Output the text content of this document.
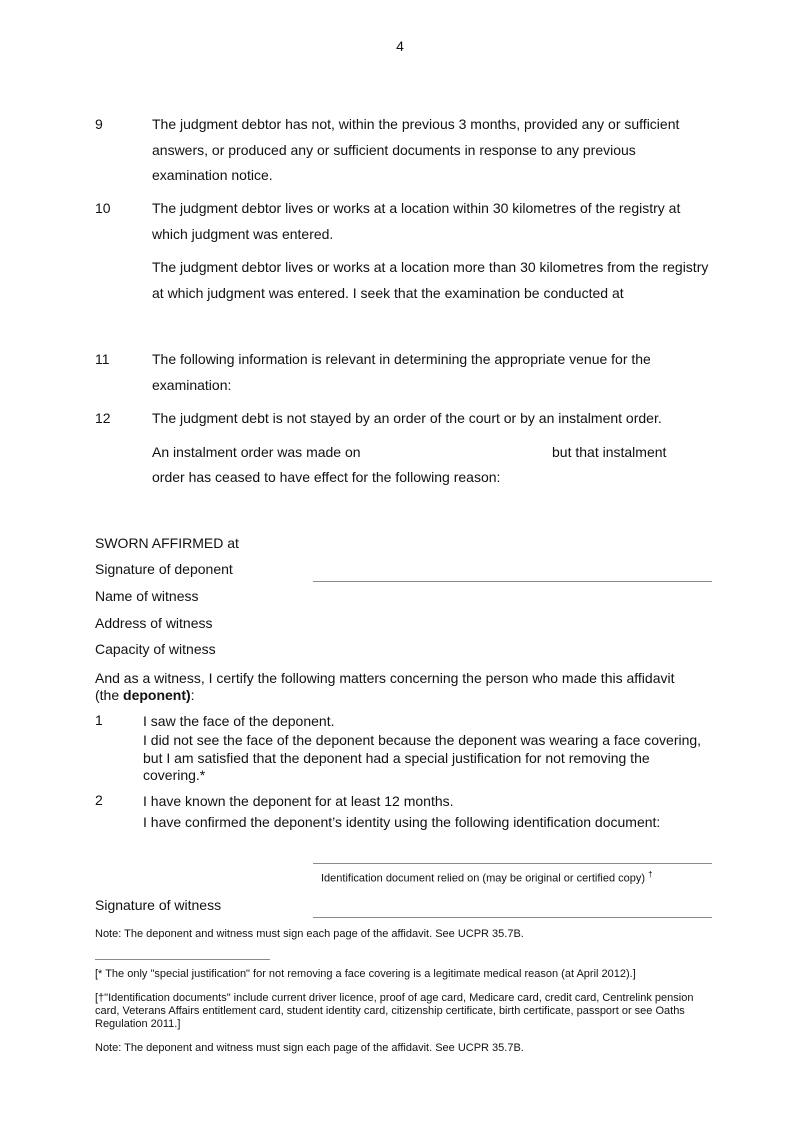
4
9	The judgment debtor has not, within the previous 3 months, provided any or sufficient answers, or produced any or sufficient documents in response to any previous examination notice.
10	The judgment debtor lives or works at a location within 30 kilometres of the registry at which judgment was entered.
The judgment debtor lives or works at a location more than 30 kilometres from the registry at which judgment was entered. I seek that the examination be conducted at
11	The following information is relevant in determining the appropriate venue for the examination:
12	The judgment debt is not stayed by an order of the court or by an instalment order.
An instalment order was made on	but that instalment
order has ceased to have effect for the following reason:
SWORN AFFIRMED at
Signature of deponent
Name of witness
Address of witness
Capacity of witness
And as a witness, I certify the following matters concerning the person who made this affidavit (the deponent):
1	I saw the face of the deponent.
I did not see the face of the deponent because the deponent was wearing a face covering, but I am satisfied that the deponent had a special justification for not removing the covering.*
2	I have known the deponent for at least 12 months.
I have confirmed the deponent’s identity using the following identification document:
Identification document relied on (may be original or certified copy) †
Signature of witness
Note: The deponent and witness must sign each page of the affidavit. See UCPR 35.7B.
[* The only "special justification" for not removing a face covering is a legitimate medical reason (at April 2012).]
[†"Identification documents" include current driver licence, proof of age card, Medicare card, credit card, Centrelink pension card, Veterans Affairs entitlement card, student identity card, citizenship certificate, birth certificate, passport or see Oaths Regulation 2011.]
Note: The deponent and witness must sign each page of the affidavit. See UCPR 35.7B.
